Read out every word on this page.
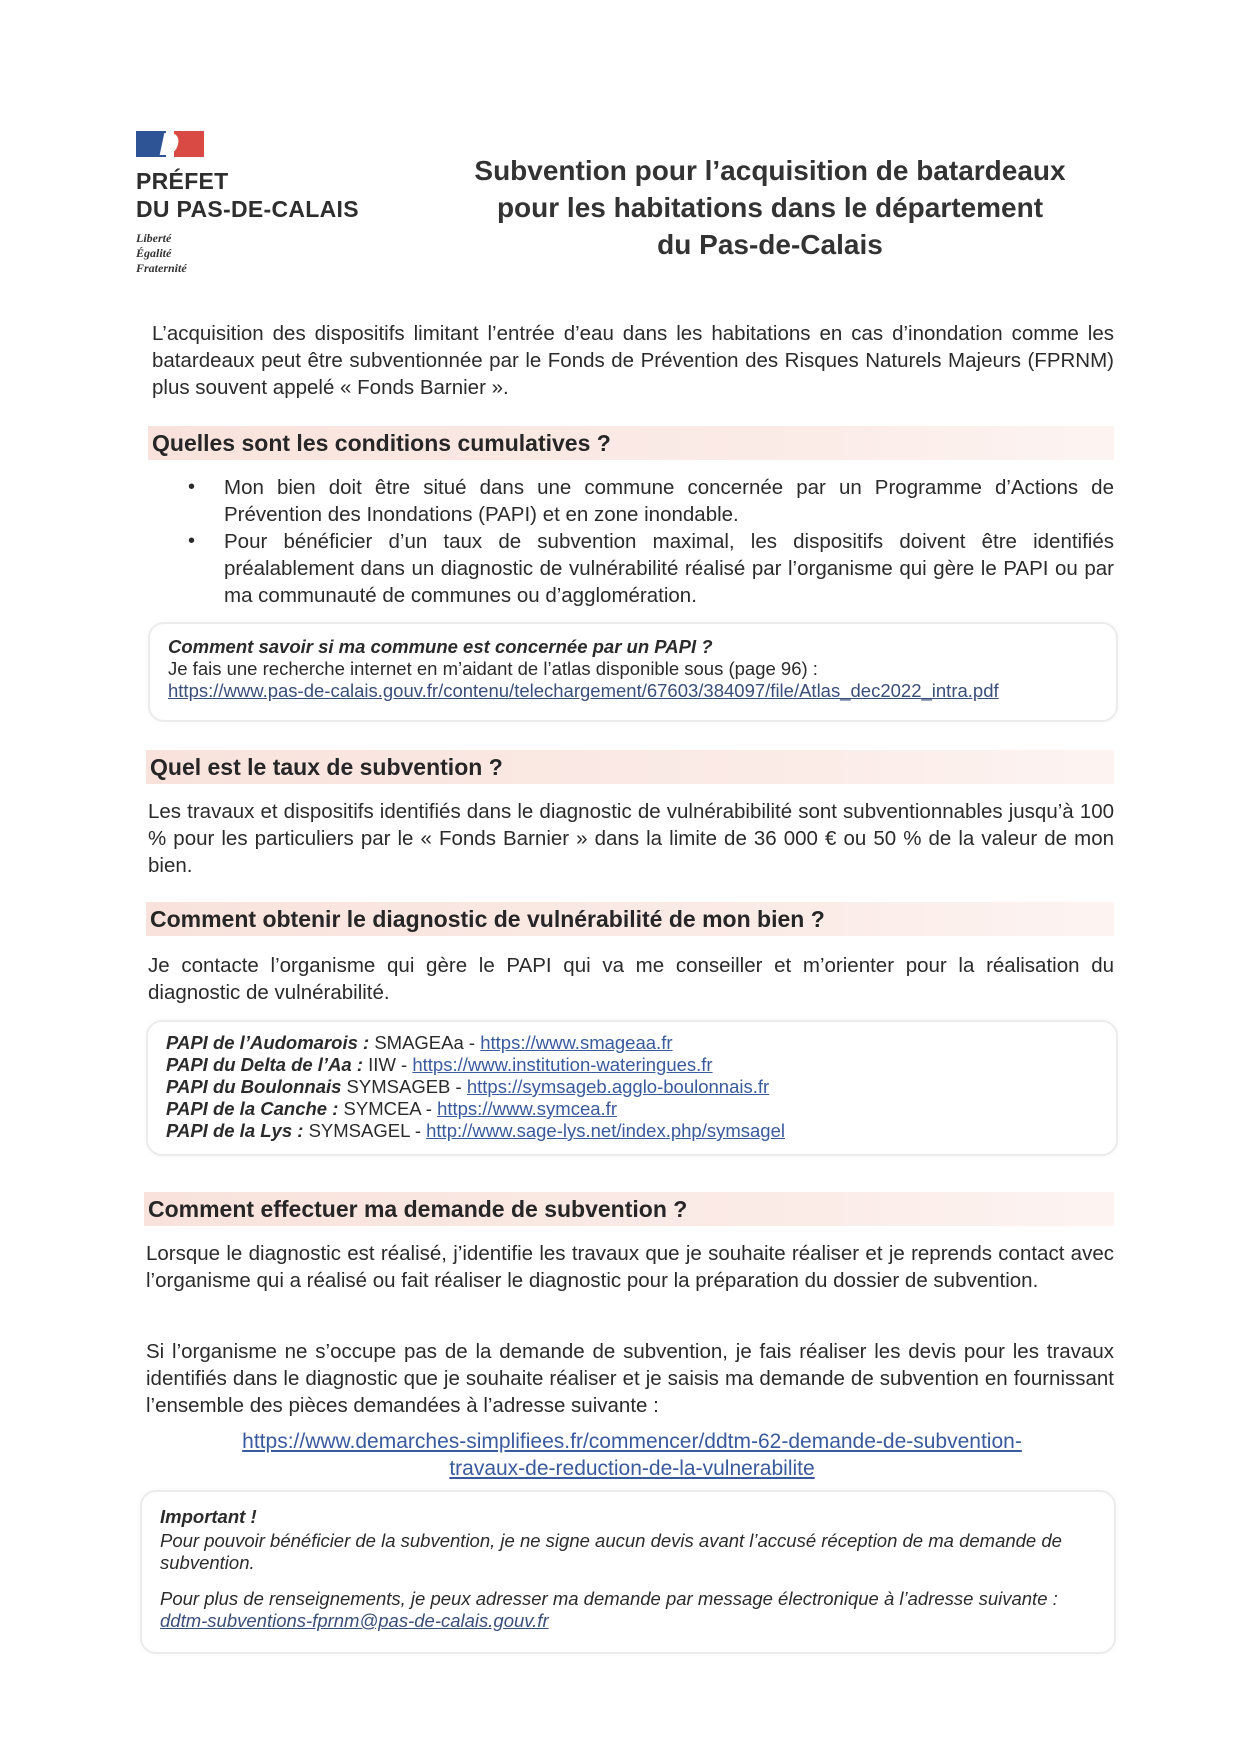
PRÉFET
DU PAS-DE-CALAIS
Liberté
Égalité
Fraternité
Subvention pour l’acquisition de batardeaux
pour les habitations dans le département
du Pas-de-Calais
L’acquisition des dispositifs limitant l’entrée d’eau dans les habitations en cas d’inondation comme les batardeaux peut être subventionnée par le Fonds de Prévention des Risques Naturels Majeurs (FPRNM) plus souvent appelé « Fonds Barnier ».
Quelles sont les conditions cumulatives ?
• Mon bien doit être situé dans une commune concernée par un Programme d’Actions de Prévention des Inondations (PAPI) et en zone inondable.
• Pour bénéficier d’un taux de subvention maximal, les dispositifs doivent être identifiés préalablement dans un diagnostic de vulnérabilité réalisé par l’organisme qui gère le PAPI ou par ma communauté de communes ou d’agglomération.
Comment savoir si ma commune est concernée par un PAPI ?
Je fais une recherche internet en m’aidant de l’atlas disponible sous (page 96) :
https://www.pas-de-calais.gouv.fr/contenu/telechargement/67603/384097/file/Atlas_dec2022_intra.pdf
Quel est le taux de subvention ?
Les travaux et dispositifs identifiés dans le diagnostic de vulnérabibilité sont subventionnables jusqu’à 100 % pour les particuliers par le « Fonds Barnier » dans la limite de 36 000 € ou 50 % de la valeur de mon bien.
Comment obtenir le diagnostic de vulnérabilité de mon bien ?
Je contacte l’organisme qui gère le PAPI qui va me conseiller et m’orienter pour la réalisation du diagnostic de vulnérabilité.
PAPI de l’Audomarois : SMAGEAa - https://www.smageaa.fr
PAPI du Delta de l’Aa : IIW - https://www.institution-wateringues.fr
PAPI du Boulonnais SYMSAGEB - https://symsageb.agglo-boulonnais.fr
PAPI de la Canche : SYMCEA - https://www.symcea.fr
PAPI de la Lys : SYMSAGEL - http://www.sage-lys.net/index.php/symsagel
Comment effectuer ma demande de subvention ?
Lorsque le diagnostic est réalisé, j’identifie les travaux que je souhaite réaliser et je reprends contact avec l’organisme qui a réalisé ou fait réaliser le diagnostic pour la préparation du dossier de subvention.
Si l’organisme ne s’occupe pas de la demande de subvention, je fais réaliser les devis pour les travaux identifiés dans le diagnostic que je souhaite réaliser et je saisis ma demande de subvention en fournissant l’ensemble des pièces demandées à l’adresse suivante :
https://www.demarches-simplifiees.fr/commencer/ddtm-62-demande-de-subvention-
travaux-de-reduction-de-la-vulnerabilite
Important !
Pour pouvoir bénéficier de la subvention, je ne signe aucun devis avant l’accusé réception de ma demande de subvention.
Pour plus de renseignements, je peux adresser ma demande par message électronique à l’adresse suivante : ddtm-subventions-fprnm@pas-de-calais.gouv.fr
